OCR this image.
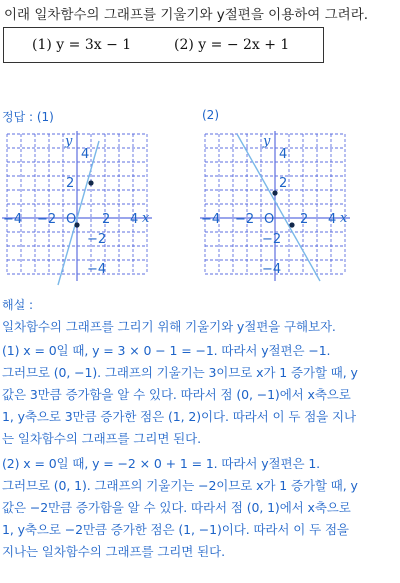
이래 일차함수의 그래프를 기울기와 y절편을 이용하여 그려라.
(1) y = 3x − 1	(2) y = − 2x + 1
정답 : (1)	(2)
−4 −2	2 4 x
O
y
4
2
−2
−4
−4 −2	2 4 x
O
y
4
2
−2
−4
해설 :
일차함수의 그래프를 그리기 위해 기울기와 y절편을 구해보자.
(1) x = 0일 때, y = 3 × 0 − 1 = −1. 따라서 y절편은 −1.
그러므로 (0, −1). 그래프의 기울기는 3이므로 x가 1 증가할 때, y
값은 3만큼 증가함을 알 수 있다. 따라서 점 (0, −1)에서 x축으로
1, y축으로 3만큼 증가한 점은 (1, 2)이다. 따라서 이 두 점을 지나
는 일차함수의 그래프를 그리면 된다.
(2) x = 0일 때, y = −2 × 0 + 1 = 1. 따라서 y절편은 1.
그러므로 (0, 1). 그래프의 기울기는 −2이므로 x가 1 증가할 때, y
값은 −2만큼 증가함을 알 수 있다. 따라서 점 (0, 1)에서 x축으로
1, y축으로 −2만큼 증가한 점은 (1, −1)이다. 따라서 이 두 점을
지나는 일차함수의 그래프를 그리면 된다.
